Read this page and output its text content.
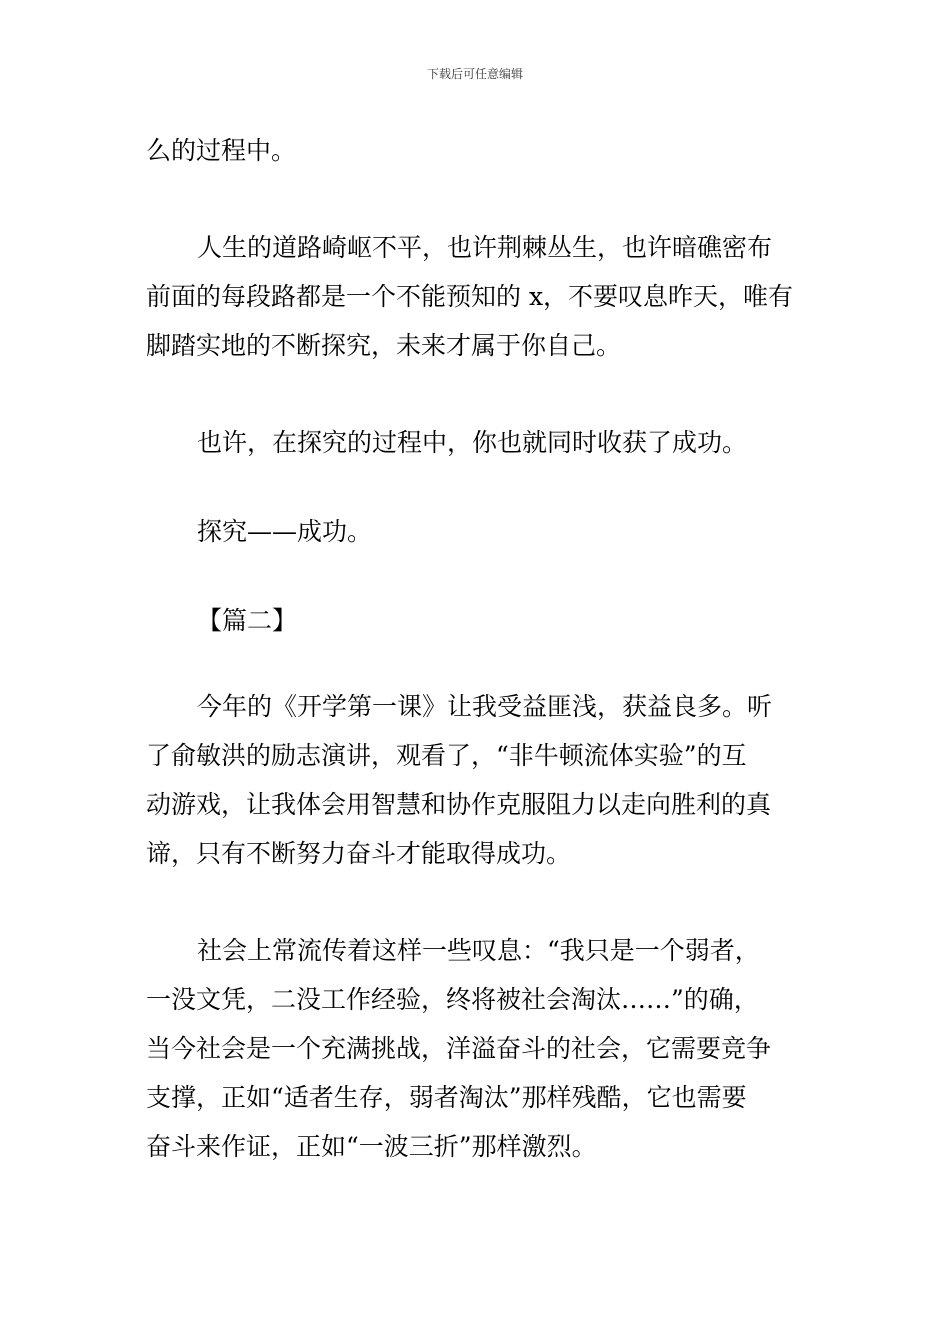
下载后可任意编辑
么的过程中。
人生的道路崎岖不平，也许荆棘丛生，也许暗礁密布
前面的每段路都是一个不能预知的 x，不要叹息昨天，唯有
脚踏实地的不断探究，未来才属于你自己。
也许，在探究的过程中，你也就同时收获了成功。
探究——成功。
【篇二】
今年的《开学第一课》让我受益匪浅，获益良多。听
了俞敏洪的励志演讲，观看了，“非牛顿流体实验”的互
动游戏，让我体会用智慧和协作克服阻力以走向胜利的真
谛，只有不断努力奋斗才能取得成功。
社会上常流传着这样一些叹息：“我只是一个弱者，
一没文凭，二没工作经验，终将被社会淘汰……”的确，
当今社会是一个充满挑战，洋溢奋斗的社会，它需要竞争
支撑，正如“适者生存，弱者淘汰”那样残酷，它也需要
奋斗来作证，正如“一波三折”那样激烈。
